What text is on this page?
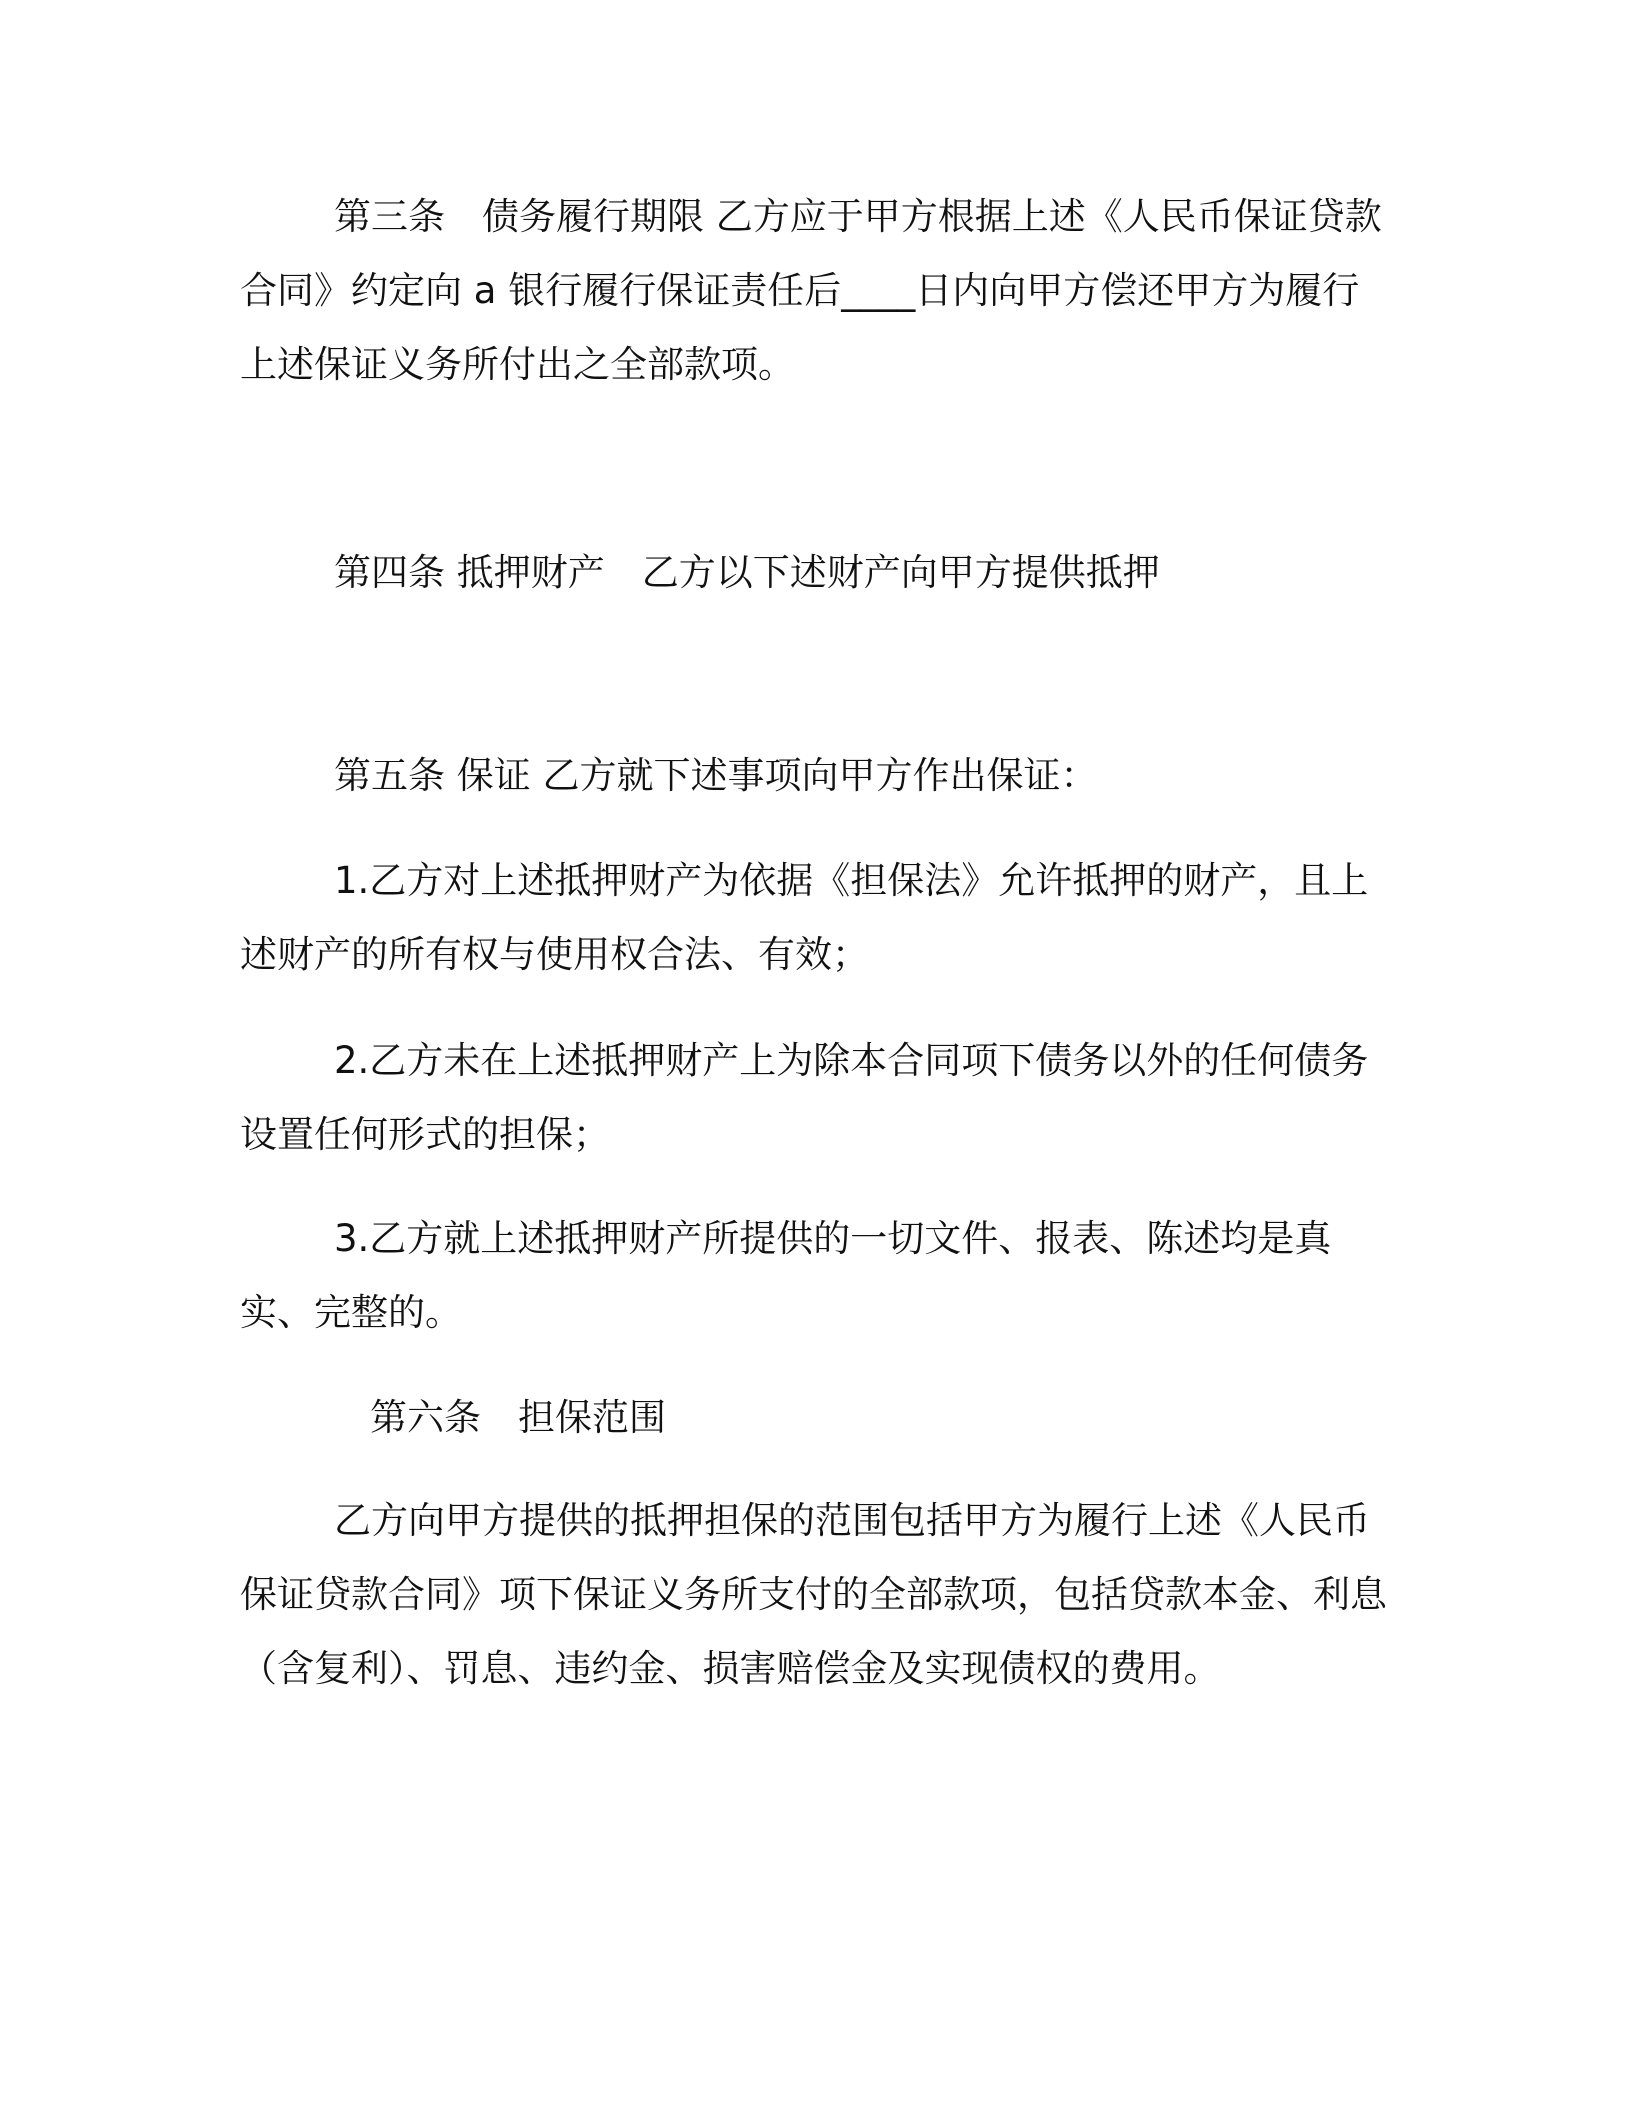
第三条　债务履行期限 乙方应于甲方根据上述《人民币保证贷款合同》约定向 a 银行履行保证责任后____日内向甲方偿还甲方为履行上述保证义务所付出之全部款项。

第四条 抵押财产　乙方以下述财产向甲方提供抵押

第五条 保证 乙方就下述事项向甲方作出保证：

1.乙方对上述抵押财产为依据《担保法》允许抵押的财产，且上述财产的所有权与使用权合法、有效；

2.乙方未在上述抵押财产上为除本合同项下债务以外的任何债务设置任何形式的担保；

3.乙方就上述抵押财产所提供的一切文件、报表、陈述均是真实、完整的。

第六条　担保范围

乙方向甲方提供的抵押担保的范围包括甲方为履行上述《人民币保证贷款合同》项下保证义务所支付的全部款项，包括贷款本金、利息（含复利）、罚息、违约金、损害赔偿金及实现债权的费用。
